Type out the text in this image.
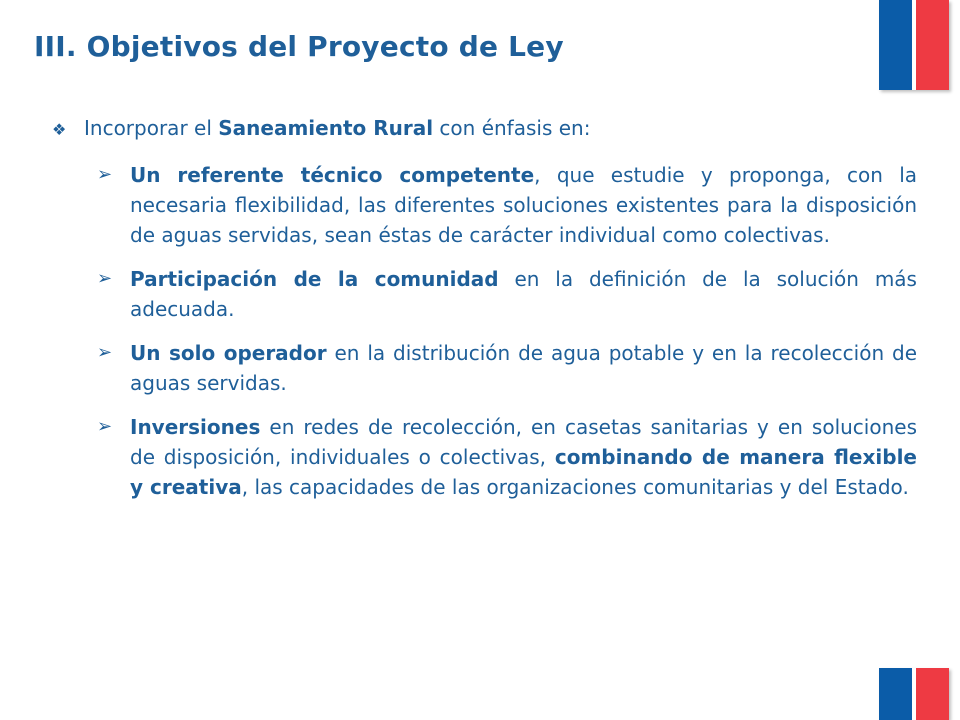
III. Objetivos del Proyecto de Ley
❖ Incorporar el Saneamiento Rural con énfasis en:
➢ Un referente técnico competente, que estudie y proponga, con la necesaria flexibilidad, las diferentes soluciones existentes para la disposición de aguas servidas, sean éstas de carácter individual como colectivas.
➢ Participación de la comunidad en la definición de la solución más adecuada.
➢ Un solo operador en la distribución de agua potable y en la recolección de aguas servidas.
➢ Inversiones en redes de recolección, en casetas sanitarias y en soluciones de disposición, individuales o colectivas, combinando de manera flexible y creativa, las capacidades de las organizaciones comunitarias y del Estado.
